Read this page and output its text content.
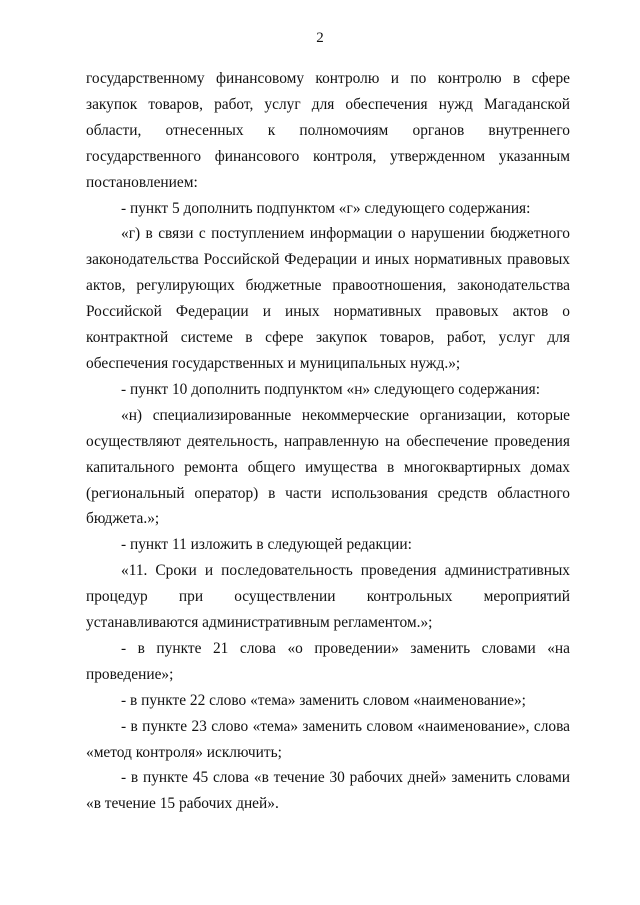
2

государственному финансовому контролю и по контролю в сфере закупок товаров, работ, услуг для обеспечения нужд Магаданской области, отнесенных к полномочиям органов внутреннего государственного финансового контроля, утвержденном указанным постановлением:

- пункт 5 дополнить подпунктом «г» следующего содержания:

«г) в связи с поступлением информации о нарушении бюджетного законодательства Российской Федерации и иных нормативных правовых актов, регулирующих бюджетные правоотношения, законодательства Российской Федерации и иных нормативных правовых актов о контрактной системе в сфере закупок товаров, работ, услуг для обеспечения государственных и муниципальных нужд.»;

- пункт 10 дополнить подпунктом «н» следующего содержания:

«н) специализированные некоммерческие организации, которые осуществляют деятельность, направленную на обеспечение проведения капитального ремонта общего имущества в многоквартирных домах (региональный оператор) в части использования средств областного бюджета.»;

- пункт 11 изложить в следующей редакции:

«11. Сроки и последовательность проведения административных процедур при осуществлении контрольных мероприятий устанавливаются административным регламентом.»;

- в пункте 21 слова «о проведении» заменить словами «на проведение»;

- в пункте 22 слово «тема» заменить словом «наименование»;

- в пункте 23 слово «тема» заменить словом «наименование», слова «метод контроля» исключить;

- в пункте 45 слова «в течение 30 рабочих дней» заменить словами «в течение 15 рабочих дней».
